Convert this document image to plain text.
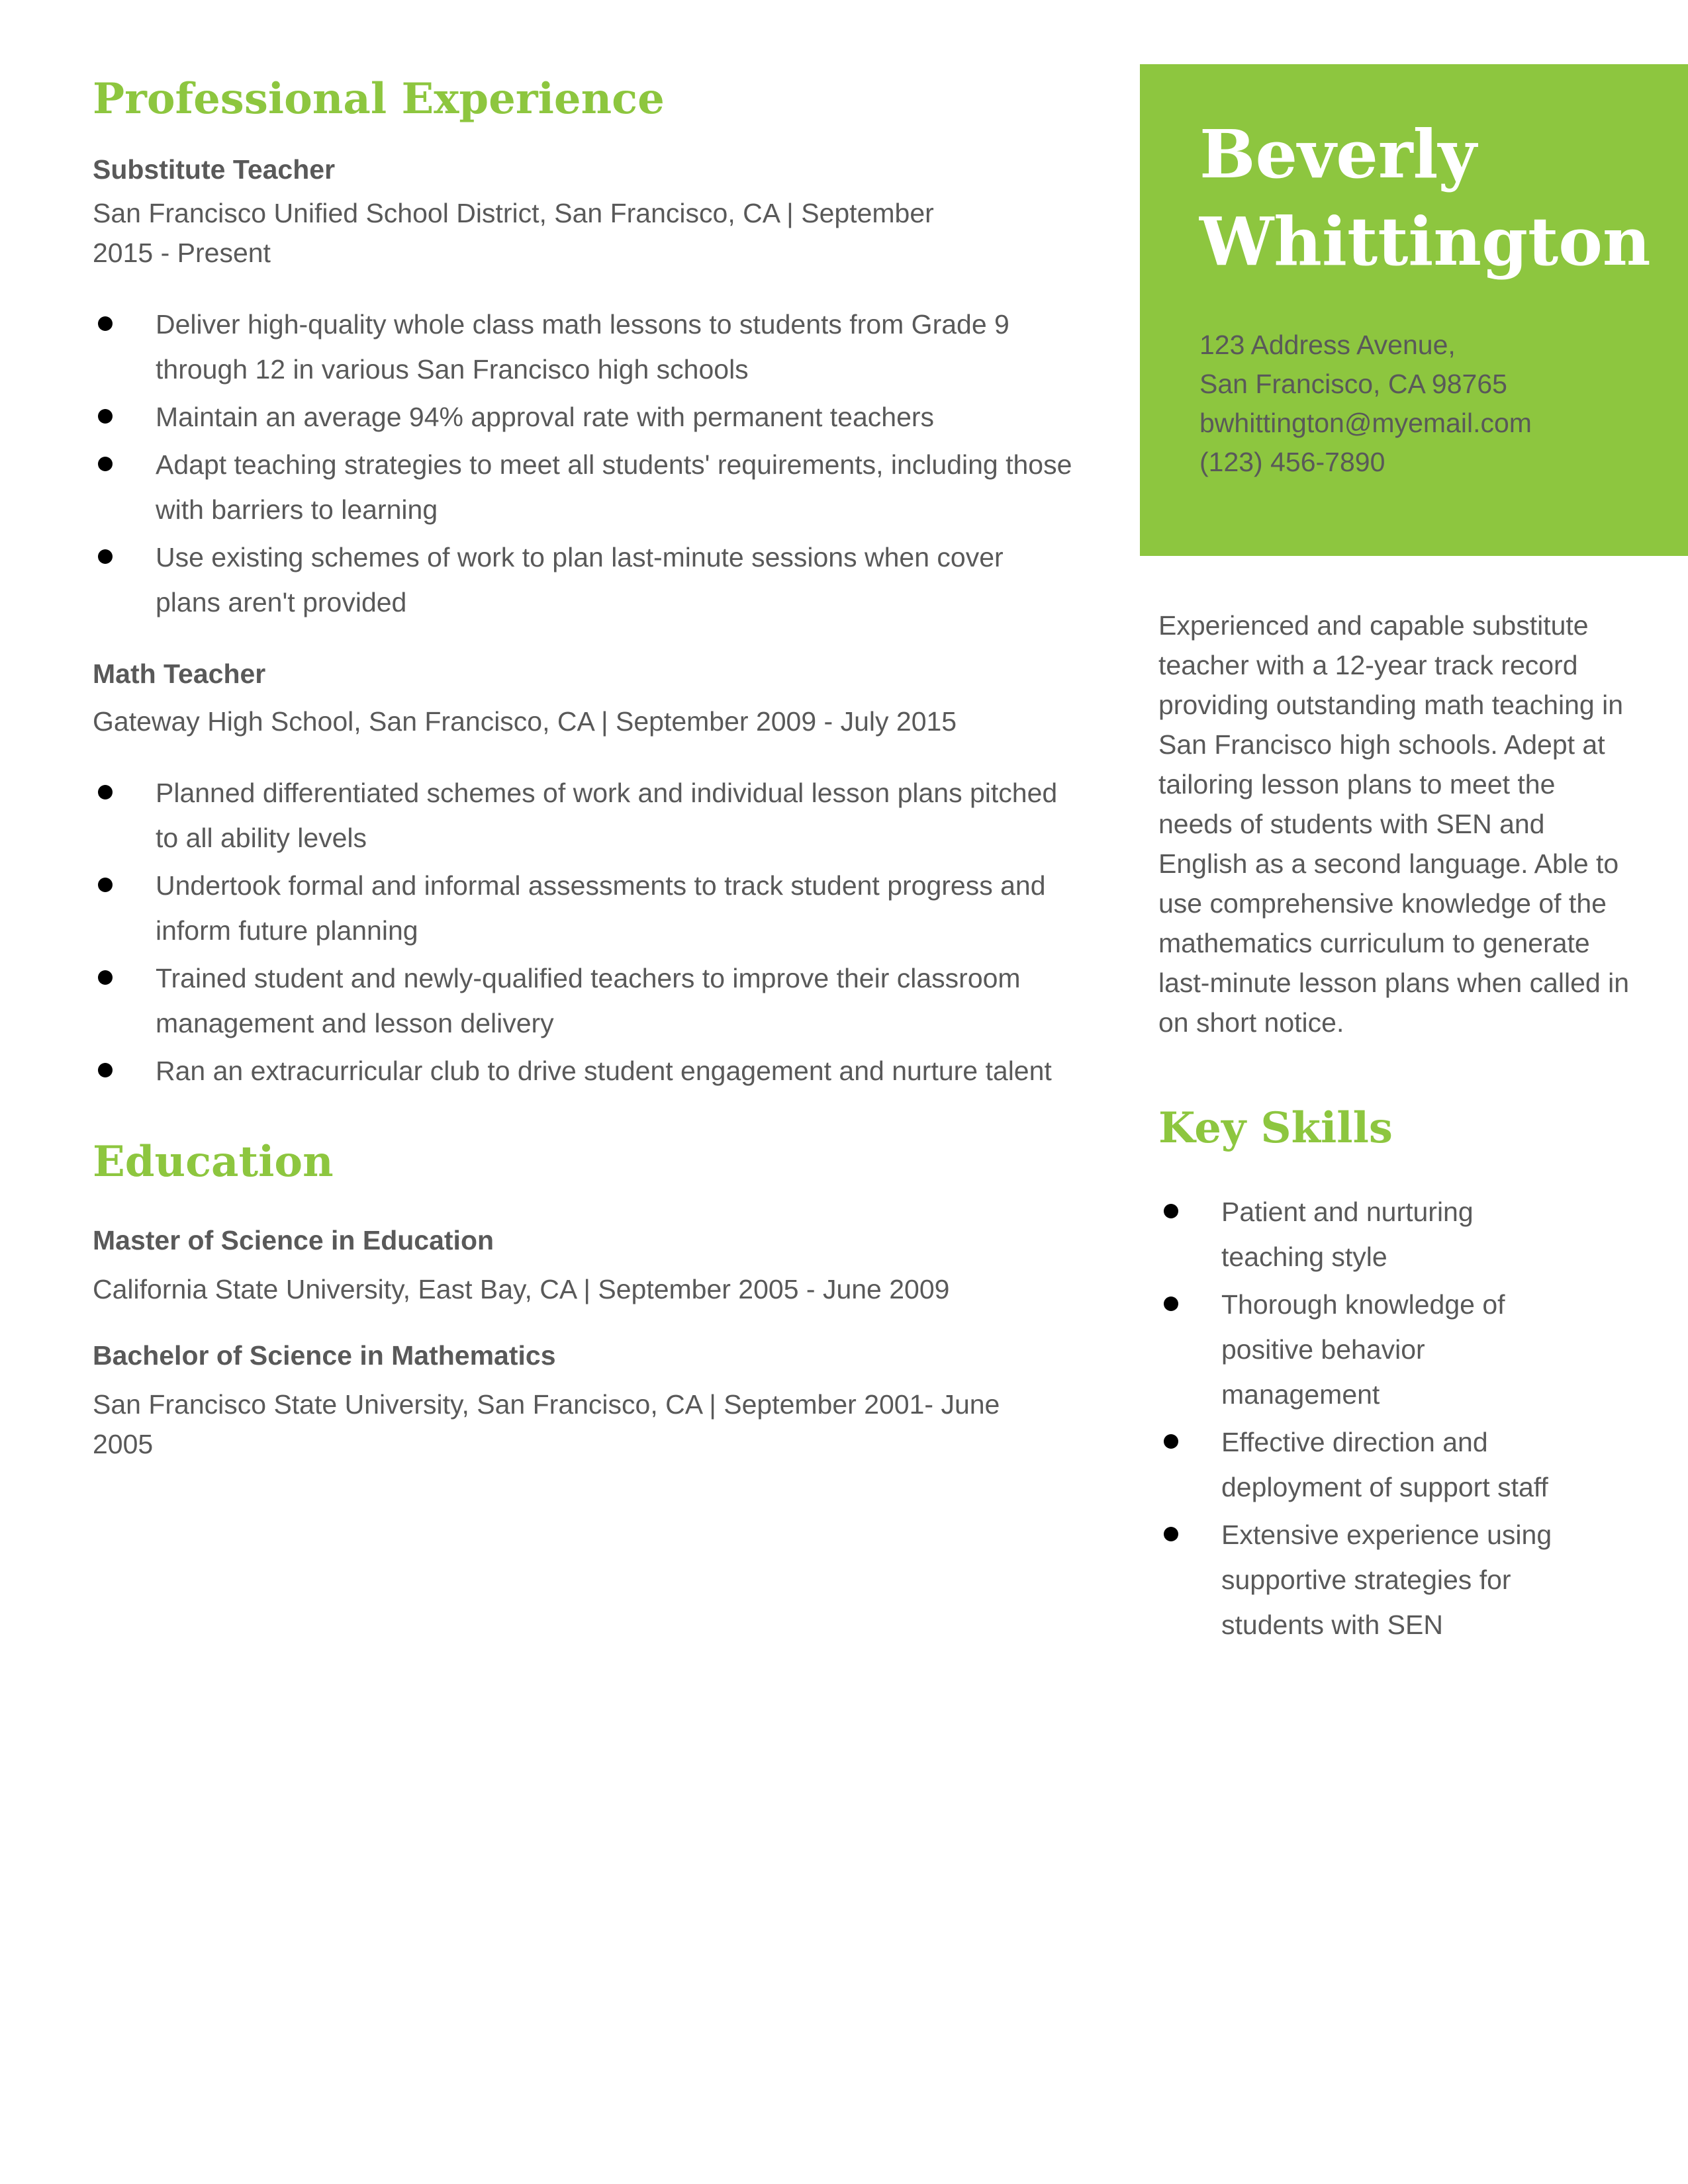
Professional Experience

Substitute Teacher

San Francisco Unified School District, San Francisco, CA | September

2015 - Present

Deliver high-quality whole class math lessons to students from Grade 9 through 12 in various San Francisco high schools
Maintain an average 94% approval rate with permanent teachers
Adapt teaching strategies to meet all students' requirements, including those with barriers to learning
Use existing schemes of work to plan last-minute sessions when cover plans aren't provided

Math Teacher

Gateway High School, San Francisco, CA | September 2009 - July 2015

Planned differentiated schemes of work and individual lesson plans pitched to all ability levels
Undertook formal and informal assessments to track student progress and inform future planning
Trained student and newly-qualified teachers to improve their classroom management and lesson delivery
Ran an extracurricular club to drive student engagement and nurture talent
Education

Master of Science in Education

California State University, East Bay, CA | September 2005 - June 2009

Bachelor of Science in Mathematics

San Francisco State University, San Francisco, CA | September 2001- June

2005

Beverly
Whittington
123 Address Avenue,
San Francisco, CA 98765
bwhittington@myemail.com
(123) 456-7890

Experienced and capable substitute teacher with a 12-year track record providing outstanding math teaching in San Francisco high schools. Adept at tailoring lesson plans to meet the needs of students with SEN and English as a second language. Able to use comprehensive knowledge of the mathematics curriculum to generate last-minute lesson plans when called in on short notice.

Key Skills
Patient and nurturing teaching style
Thorough knowledge of positive behavior management
Effective direction and deployment of support staff
Extensive experience using supportive strategies for students with SEN
